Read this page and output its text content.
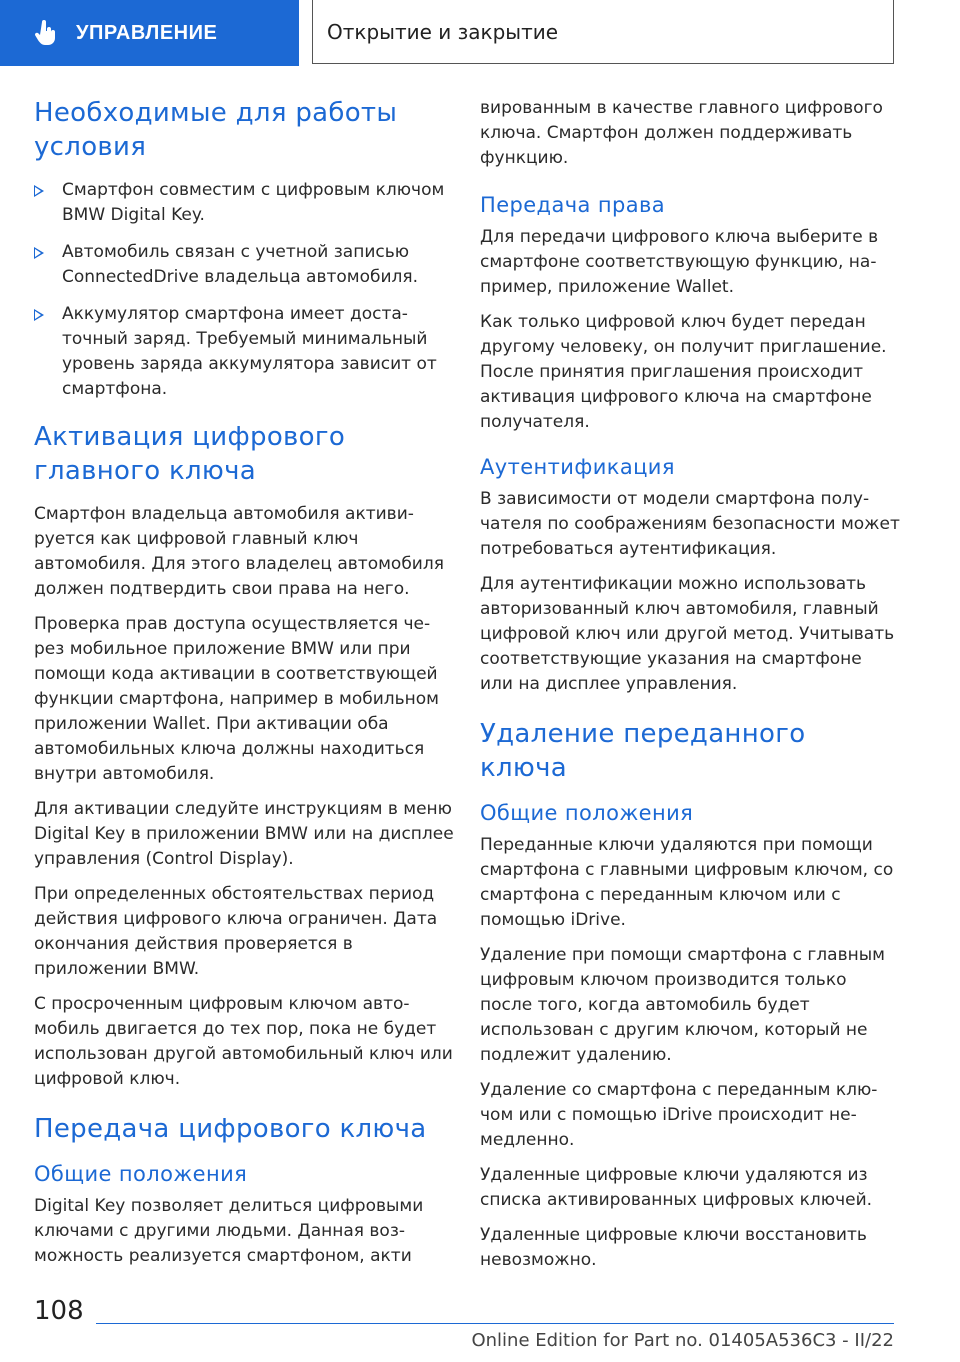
УПРАВЛЕНИЕ	Открытие и закрытие
Необходимые для работы условия
Смартфон совместим с цифровым ключом BMW Digital Key.
Автомобиль связан с учетной записью ConnectedDrive владельца автомобиля.
Аккумулятор смартфона имеет достаточный заряд. Требуемый минимальный уровень заряда аккумулятора зависит от смартфона.
Активация цифрового главного ключа

Смартфон владельца автомобиля активируется как цифровой главный ключ автомобиля. Для этого владелец автомобиля должен подтвердить свои права на него.

Проверка прав доступа осуществляется через мобильное приложение BMW или при помощи кода активации в соответствующей функции смартфона, например в мобильном приложении Wallet. При активации оба автомобильных ключа должны находиться внутри автомобиля.

Для активации следуйте инструкциям в меню Digital Key в приложении BMW или на дисплее управления (Control Display).

При определенных обстоятельствах период действия цифрового ключа ограничен. Дата окончания действия проверяется в приложении BMW.

С просроченным цифровым ключом автомобиль двигается до тех пор, пока не будет использован другой автомобильный ключ или цифровой ключ.

Передача цифрового ключа
Общие положения

Digital Key позволяет делиться цифровыми ключами с другими людьми. Данная возможность реализуется смартфоном, акти

вированным в качестве главного цифрового ключа. Смартфон должен поддерживать функцию.

Передача права

Для передачи цифрового ключа выберите в смартфоне соответствующую функцию, например, приложение Wallet.

Как только цифровой ключ будет передан другому человеку, он получит приглашение. После принятия приглашения происходит активация цифрового ключа на смартфоне получателя.

Аутентификация

В зависимости от модели смартфона получателя по соображениям безопасности может потребоваться аутентификация.

Для аутентификации можно использовать авторизованный ключ автомобиля, главный цифровой ключ или другой метод. Учитывать соответствующие указания на смартфоне или на дисплее управления.

Удаление переданного ключа
Общие положения

Переданные ключи удаляются при помощи смартфона с главными цифровым ключом, со смартфона с переданным ключом или с помощью iDrive.

Удаление при помощи смартфона с главным цифровым ключом производится только после того, когда автомобиль будет использован с другим ключом, который не подлежит удалению.

Удаление со смартфона с переданным ключом или с помощью iDrive происходит немедленно.

Удаленные цифровые ключи удаляются из списка активированных цифровых ключей.

Удаленные цифровые ключи восстановить невозможно.

108
Online Edition for Part no. 01405A536C3 - II/22
